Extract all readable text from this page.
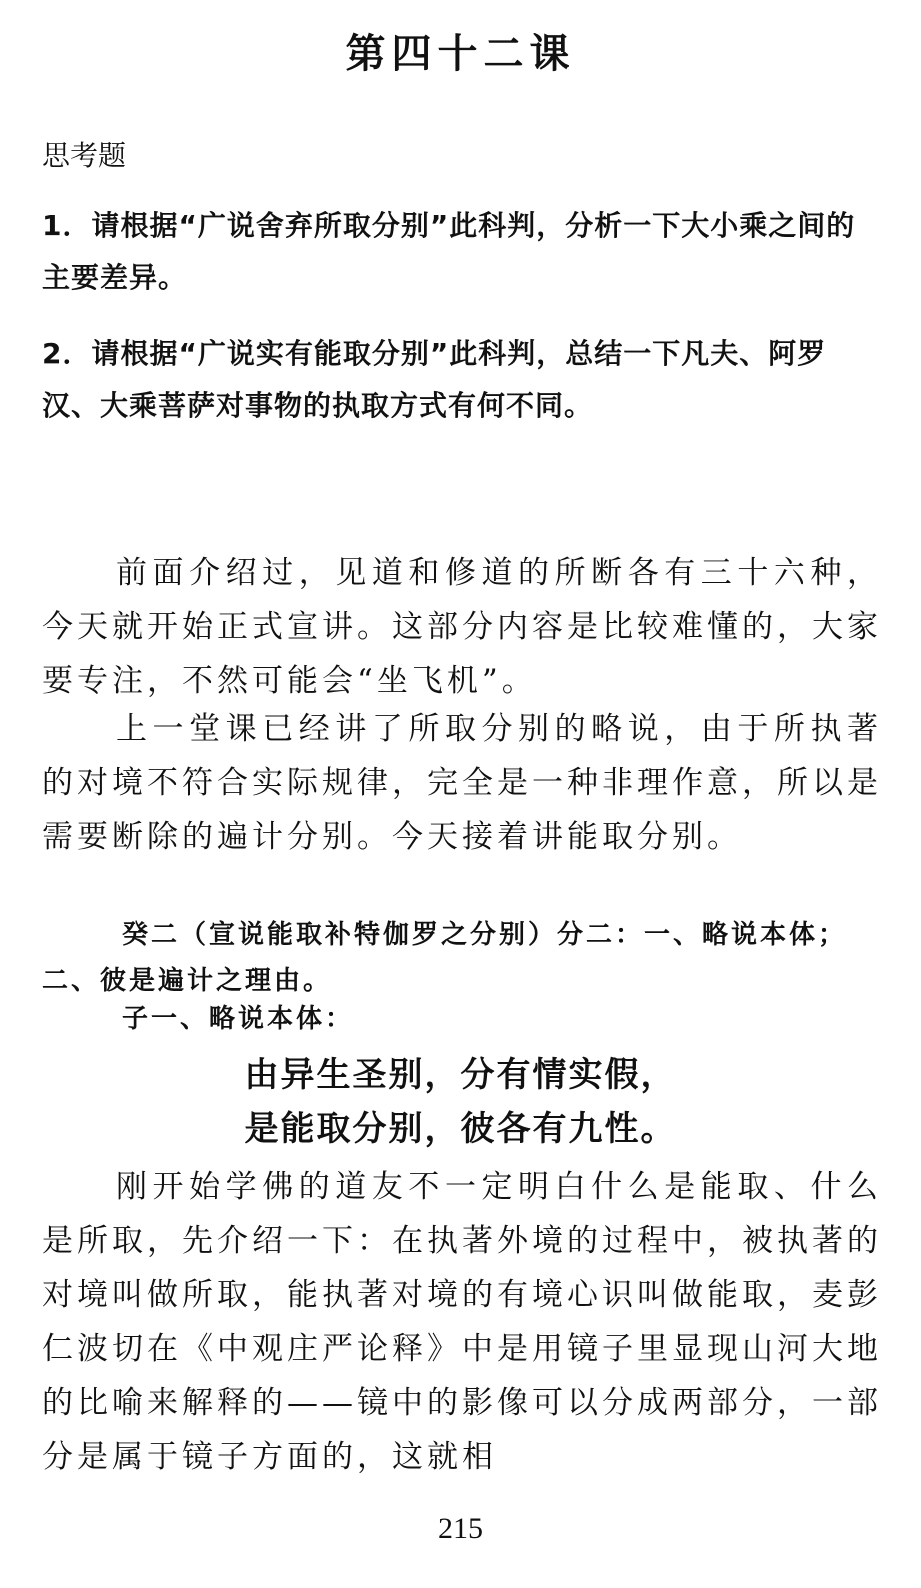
第四十二课
思考题
1．请根据“广说舍弃所取分别”此科判，分析一下大小乘之间的主要差异。
2．请根据“广说实有能取分别”此科判，总结一下凡夫、阿罗汉、大乘菩萨对事物的执取方式有何不同。
前面介绍过，见道和修道的所断各有三十六种，今天就开始正式宣讲。这部分内容是比较难懂的，大家要专注，不然可能会“坐飞机”。
上一堂课已经讲了所取分别的略说，由于所执著的对境不符合实际规律，完全是一种非理作意，所以是需要断除的遍计分别。今天接着讲能取分别。
癸二（宣说能取补特伽罗之分别）分二：一、略说本体；
二、彼是遍计之理由。
子一、略说本体：
由异生圣别，分有情实假，
是能取分别，彼各有九性。
刚开始学佛的道友不一定明白什么是能取、什么是所取，先介绍一下：在执著外境的过程中，被执著的对境叫做所取，能执著对境的有境心识叫做能取，麦彭仁波切在《中观庄严论释》中是用镜子里显现山河大地的比喻来解释的——镜中的影像可以分成两部分，一部分是属于镜子方面的，这就相
215
